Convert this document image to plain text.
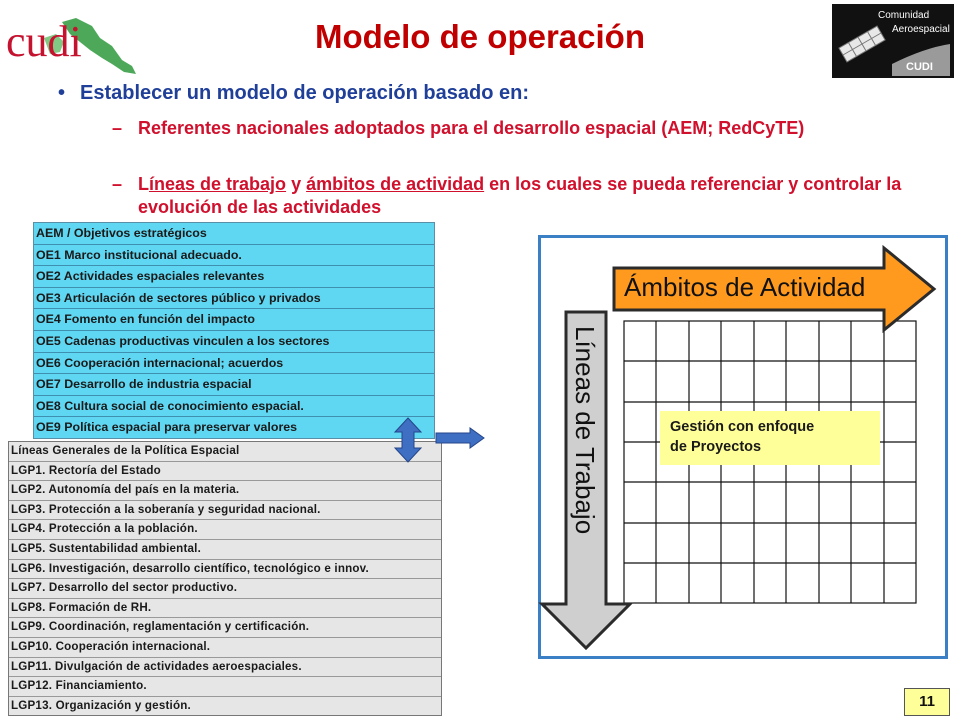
cudi
Comunidad
Aeroespacial
CUDI
Modelo de operación
• Establecer un modelo de operación basado en:
– Referentes nacionales adoptados para el desarrollo espacial (AEM; RedCyTE)
– Líneas de trabajo y ámbitos de actividad en los cuales se pueda referenciar y controlar la evolución de las actividades
AEM / Objetivos estratégicos
OE1 Marco institucional adecuado.
OE2 Actividades espaciales relevantes
OE3 Articulación de sectores público y privados
OE4 Fomento en función del impacto
OE5 Cadenas productivas vinculen a los sectores
OE6 Cooperación internacional; acuerdos
OE7 Desarrollo de industria espacial
OE8 Cultura social de conocimiento espacial.
OE9 Política espacial para preservar valores
Líneas Generales de la Política Espacial
LGP1. Rectoría del Estado
LGP2. Autonomía del país en la materia.
LGP3. Protección a la soberanía y seguridad nacional.
LGP4. Protección a la población.
LGP5. Sustentabilidad ambiental.
LGP6. Investigación, desarrollo científico, tecnológico e innov.
LGP7. Desarrollo del sector productivo.
LGP8. Formación de RH.
LGP9. Coordinación, reglamentación y certificación.
LGP10. Cooperación internacional.
LGP11. Divulgación de actividades aeroespaciales.
LGP12. Financiamiento.
LGP13. Organización y gestión.
Ámbitos de Actividad
Líneas de Trabajo	Gestión con enfoque
de Proyectos
11
